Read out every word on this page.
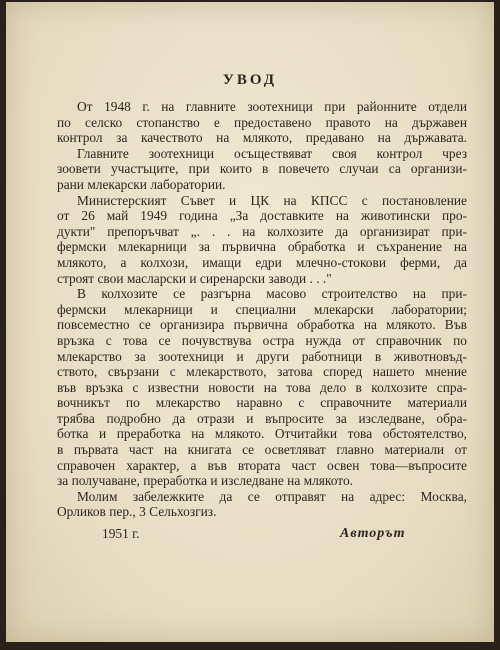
УВОД
От 1948 г. на главните зоотехници при районните отдели
по селско стопанство е предоставено правото на държавен
контрол за качеството на млякото, предавано на държавата.
Главните зоотехници осъществяват своя контрол чрез
зоовети участъците, при които в повечето случаи са организи-
рани млекарски лаборатории.
Министерският Съвет и ЦК на КПСС с постановление
от 26 май 1949 година „За доставките на животински про-
дукти" препоръчват „. . . на колхозите да организират при-
фермски млекарници за първична обработка и съхранение на
млякото, а колхози, имащи едри млечно-стокови ферми, да
строят свои масларски и сиренарски заводи . . ."
В колхозите се разгърна масово строителство на при-
фермски млекарници и специални млекарски лаборатории;
повсеместно се организира първична обработка на млякото. Във
връзка с това се почувствува остра нужда от справочник по
млекарство за зоотехници и други работници в животновъд-
ството, свързани с млекарството, затова според нашето мнение
във връзка с известни новости на това дело в колхозите спра-
вочникът по млекарство наравно с справочните материали
трябва подробно да отрази и въпросите за изследване, обра-
ботка и преработка на млякото. Отчитайки това обстоятелство,
в първата част на книгата се осветляват главно материали от
справочен характер, а във втората част освен това—въпросите
за получаване, преработка и изследване на млякото.
Молим забележките да се отправят на адрес: Москва,
Орликов пер., 3 Сельхозгиз.
1951 г.	Авторът
